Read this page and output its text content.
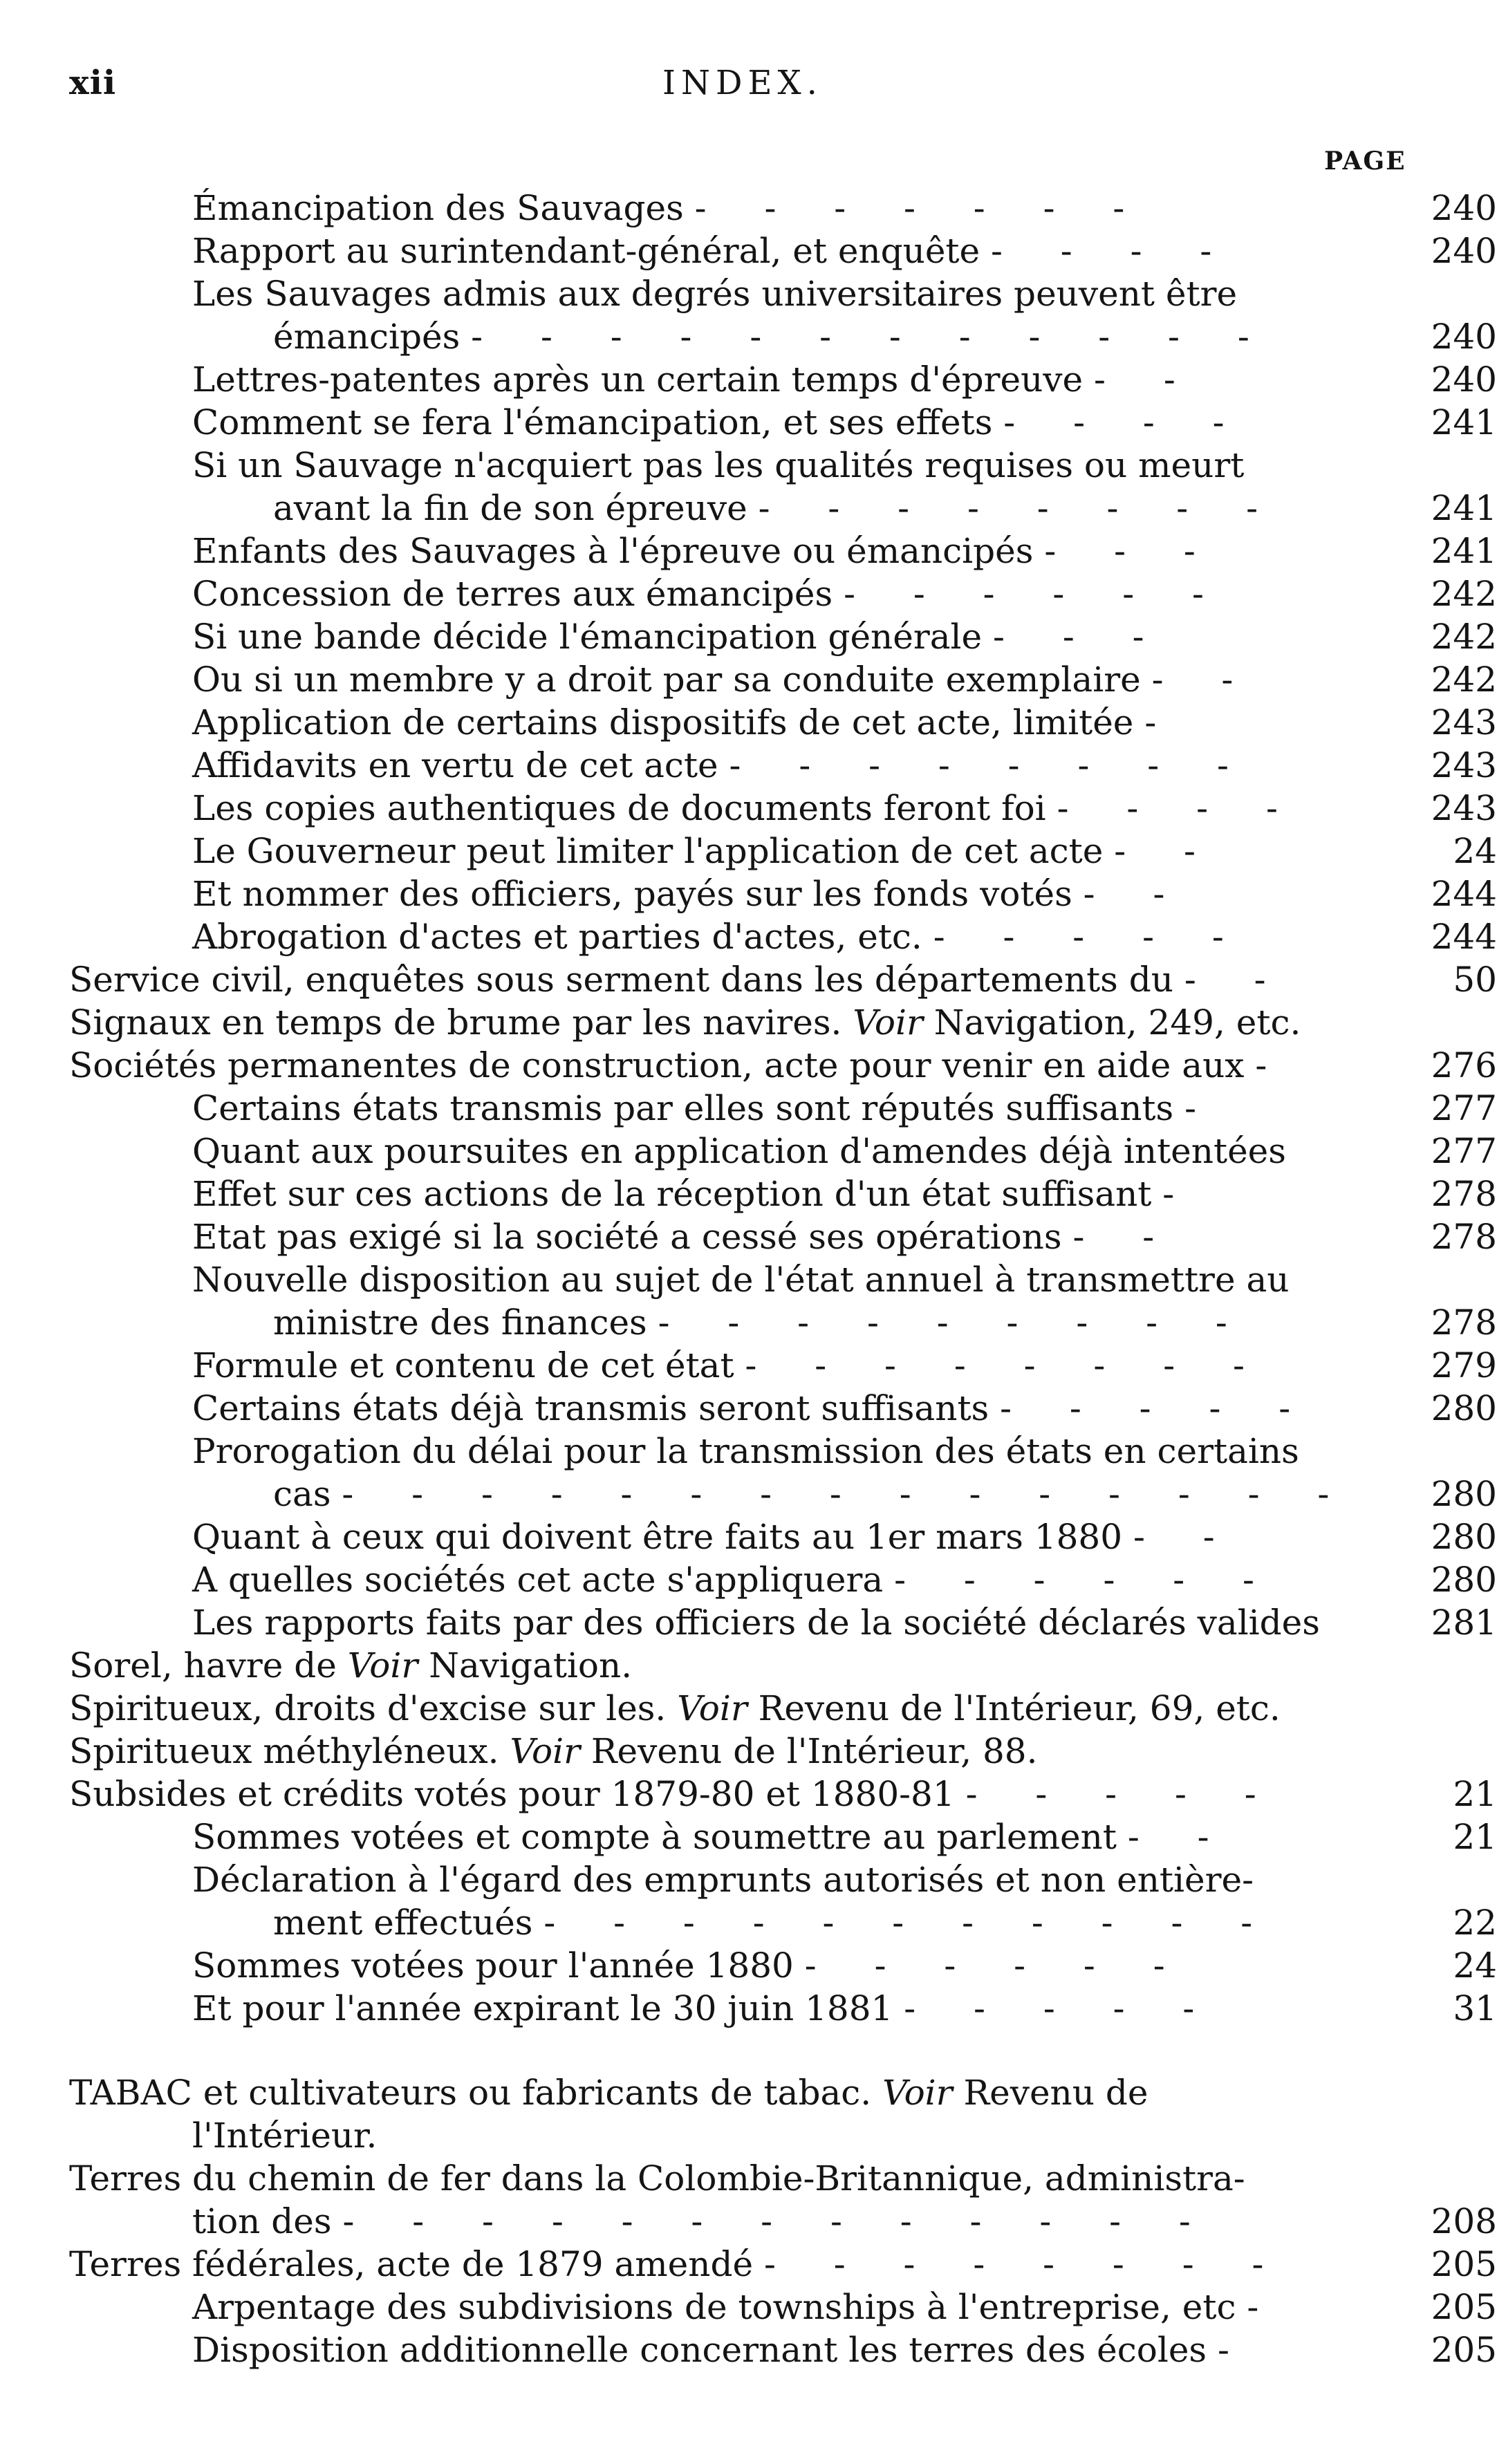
xii	INDEX.
PAGE
Émancipation des Sauvages - - - - - - -	240
Rapport au surintendant-général, et enquête - - - -	240
Les Sauvages admis aux degrés universitaires peuvent être
émancipés - - - - - - - - - - - -	240
Lettres-patentes après un certain temps d'épreuve - -	240
Comment se fera l'émancipation, et ses effets - - - -	241
Si un Sauvage n'acquiert pas les qualités requises ou meurt
avant la fin de son épreuve - - - - - - - -	241
Enfants des Sauvages à l'épreuve ou émancipés - - -	241
Concession de terres aux émancipés - - - - - -	242
Si une bande décide l'émancipation générale - - -	242
Ou si un membre y a droit par sa conduite exemplaire - -	242
Application de certains dispositifs de cet acte, limitée -	243
Affidavits en vertu de cet acte - - - - - - - -	243
Les copies authentiques de documents feront foi - - - -	243
Le Gouverneur peut limiter l'application de cet acte - -	24
Et nommer des officiers, payés sur les fonds votés - -	244
Abrogation d'actes et parties d'actes, etc. - - - - -	244
Service civil, enquêtes sous serment dans les départements du - -	50
Signaux en temps de brume par les navires. Voir Navigation, 249, etc.
Sociétés permanentes de construction, acte pour venir en aide aux -	276
Certains états transmis par elles sont réputés suffisants -	277
Quant aux poursuites en application d'amendes déjà intentées	277
Effet sur ces actions de la réception d'un état suffisant -	278
Etat pas exigé si la société a cessé ses opérations - -	278
Nouvelle disposition au sujet de l'état annuel à transmettre au
ministre des finances - - - - - - - - -	278
Formule et contenu de cet état - - - - - - - -	279
Certains états déjà transmis seront suffisants - - - - -	280
Prorogation du délai pour la transmission des états en certains
cas - - - - - - - - - - - - - - -	280
Quant à ceux qui doivent être faits au 1er mars 1880 - -	280
A quelles sociétés cet acte s'appliquera - - - - - -	280
Les rapports faits par des officiers de la société déclarés valides	281
Sorel, havre de Voir Navigation.
Spiritueux, droits d'excise sur les. Voir Revenu de l'Intérieur, 69, etc.
Spiritueux méthyléneux. Voir Revenu de l'Intérieur, 88.
Subsides et crédits votés pour 1879-80 et 1880-81 - - - - -	21
Sommes votées et compte à soumettre au parlement - -	21
Déclaration à l'égard des emprunts autorisés et non entière-
ment effectués - - - - - - - - - - -	22
Sommes votées pour l'année 1880 - - - - - -	24
Et pour l'année expirant le 30 juin 1881 - - - - -	31
TABAC et cultivateurs ou fabricants de tabac. Voir Revenu de
l'Intérieur.
Terres du chemin de fer dans la Colombie-Britannique, administra-
tion des - - - - - - - - - - - - -	208
Terres fédérales, acte de 1879 amendé - - - - - - - -	205
Arpentage des subdivisions de townships à l'entreprise, etc -	205
Disposition additionnelle concernant les terres des écoles -	205
